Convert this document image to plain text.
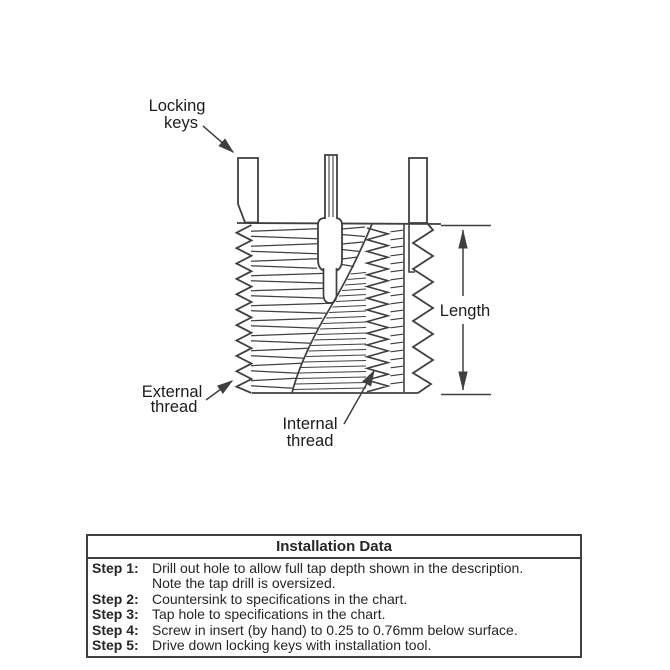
Locking
keys
Length
External
thread
Internal
thread
Installation Data
Step 1: Drill out hole to allow full tap depth shown in the description.
Note the tap drill is oversized.
Step 2: Countersink to specifications in the chart.
Step 3: Tap hole to specifications in the chart.
Step 4: Screw in insert (by hand) to 0.25 to 0.76mm below surface.
Step 5: Drive down locking keys with installation tool.
